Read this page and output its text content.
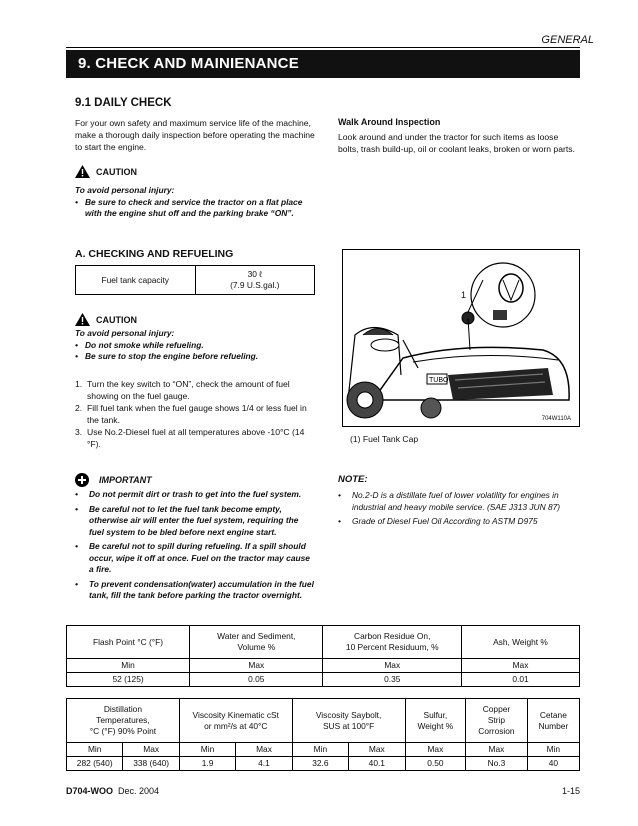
GENERAL
9. CHECK AND MAINIENANCE
9.1 DAILY CHECK

For your own safety and maximum service life of the machine, make a thorough daily inspection before operating the machine to start the engine.

CAUTION
To avoid personal injury:
• Be sure to check and service the tractor on a flat place with the engine shut off and the parking brake “ON”.
A. CHECKING AND REFUELING
Fuel tank capacity	
30 ℓ
(7.9 U.S.gal.)
CAUTION
To avoid personal injury:
• Do not smoke while refueling.
• Be sure to stop the engine before refueling.
1. Turn the key switch to “ON”, check the amount of fuel showing on the fuel gauge.
2. Fill fuel tank when the fuel gauge shows 1/4 or less fuel in the tank.
3. Use No.2-Diesel fuel at all temperatures above -10°C (14 °F).
IMPORTANT
• Do not permit dirt or trash to get into the fuel system.
• Be careful not to let the fuel tank become empty, otherwise air will enter the fuel system, requiring the fuel system to be bled before next engine start.
• Be careful not to spill during refueling. If a spill should occur, wipe it off at once. Fuel on the tractor may cause a fire.
• To prevent condensation(water) accumulation in the fuel tank, fill the tank before parking the tractor overnight.
Walk Around Inspection

Look around and under the tractor for such items as loose bolts, trash build-up, oil or coolant leaks, broken or worn parts.

TUBO
1
704W110A
(1) Fuel Tank Cap
NOTE:
• No.2-D is a distillate fuel of lower volatility for engines in industrial and heavy mobile service. (SAE J313 JUN 87)
• Grade of Diesel Fuel Oil According to ASTM D975
Flash Point °C (°F)	Water and Sediment,
Volume %	Carbon Residue On,
10 Percent Residuum, %	Ash, Weight %
Min	Max	Max	Max
52 (125)	0.05	0.35	0.01
Distillation
Temperatures,
°C (°F) 90% Point		Viscosity Kinematic cSt
or mm²/s at 40°C		Viscosity Saybolt,
SUS at 100°F		Sulfur,
Weight %	Copper
Strip
Corrosion	Cetane
Number
Min	Max	Min	Max	Min	Max	Max	Max	Min
282 (540)	338 (640)	1.9	4.1	32.6	40.1	0.50	No.3	40
D704-WOO Dec. 2004	1-15
